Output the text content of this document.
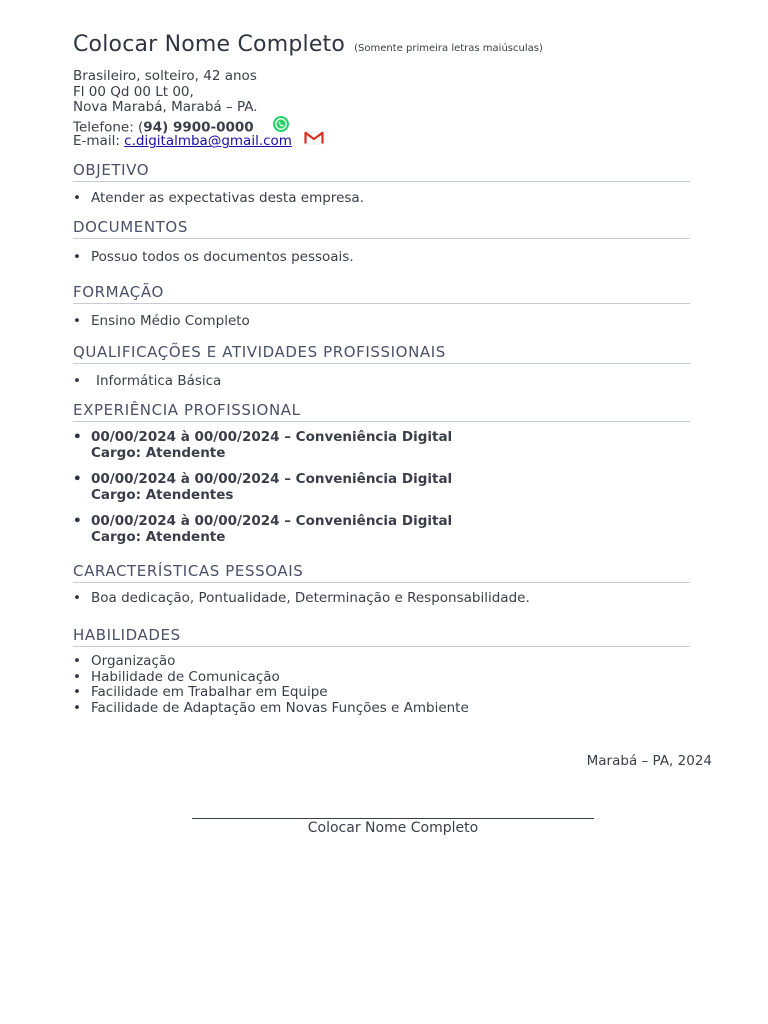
Colocar Nome Completo (Somente primeira letras maiúsculas)
Brasileiro, solteiro, 42 anos
Fl 00 Qd 00 Lt 00,
Nova Marabá, Marabá – PA.
Telefone: (94) 9900-0000
E-mail: c.digitalmba@gmail.com
OBJETIVO
• Atender as expectativas desta empresa.
DOCUMENTOS
• Possuo todos os documentos pessoais.
FORMAÇÃO
• Ensino Médio Completo
QUALIFICAÇÕES E ATIVIDADES PROFISSIONAIS
• Informática Básica
EXPERIÊNCIA PROFISSIONAL
• 00/00/2024 à 00/00/2024 – Conveniência Digital
Cargo: Atendente
• 00/00/2024 à 00/00/2024 – Conveniência Digital
Cargo: Atendentes
• 00/00/2024 à 00/00/2024 – Conveniência Digital
Cargo: Atendente
CARACTERÍSTICAS PESSOAIS
• Boa dedicação, Pontualidade, Determinação e Responsabilidade.
HABILIDADES
• Organização
• Habilidade de Comunicação
• Facilidade em Trabalhar em Equipe
• Facilidade de Adaptação em Novas Funções e Ambiente
Marabá – PA, 2024
Colocar Nome Completo
